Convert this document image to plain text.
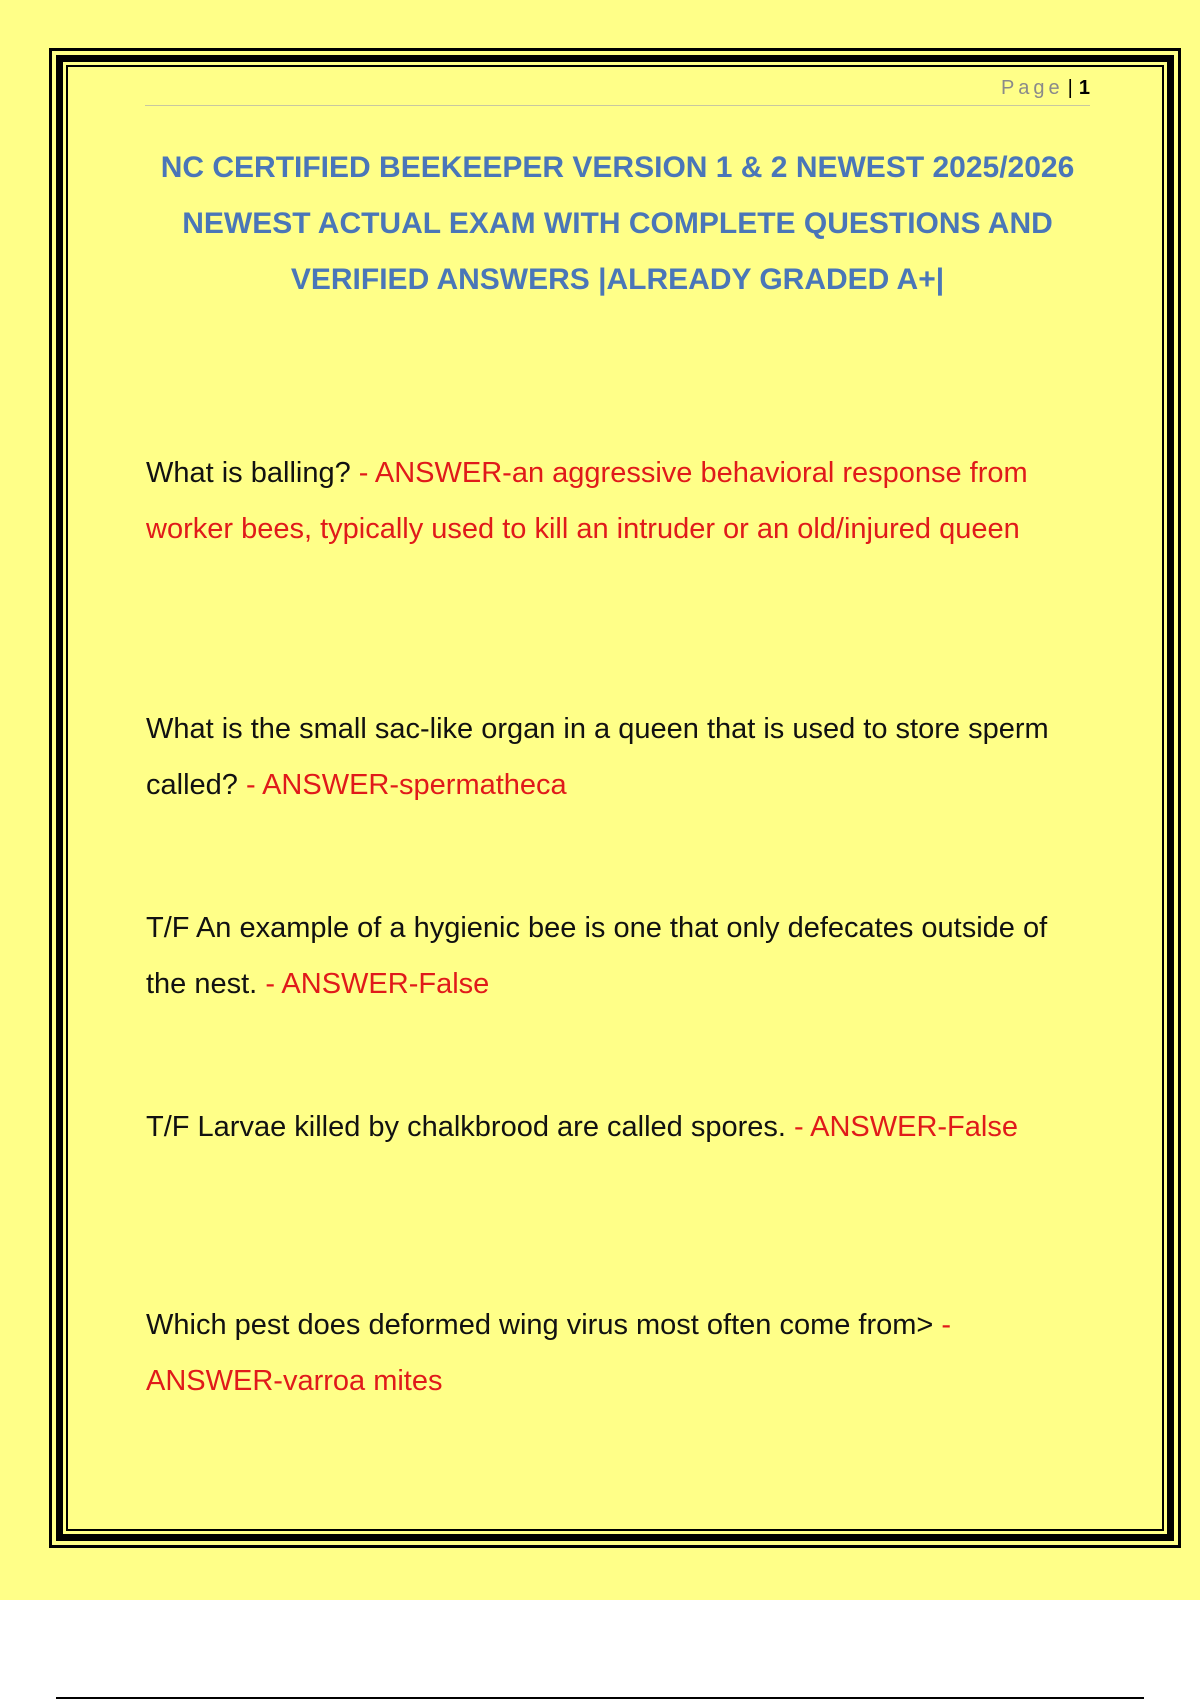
Page | 1
NC CERTIFIED BEEKEEPER VERSION 1 & 2 NEWEST 2025/2026 NEWEST ACTUAL EXAM WITH COMPLETE QUESTIONS AND VERIFIED ANSWERS |ALREADY GRADED A+|

What is balling? - ANSWER-an aggressive behavioral response from worker bees, typically used to kill an intruder or an old/injured queen

What is the small sac-like organ in a queen that is used to store sperm called? - ANSWER-spermatheca

T/F An example of a hygienic bee is one that only defecates outside of the nest. - ANSWER-False

T/F Larvae killed by chalkbrood are called spores. - ANSWER-False

Which pest does deformed wing virus most often come from> - ANSWER-varroa mites
